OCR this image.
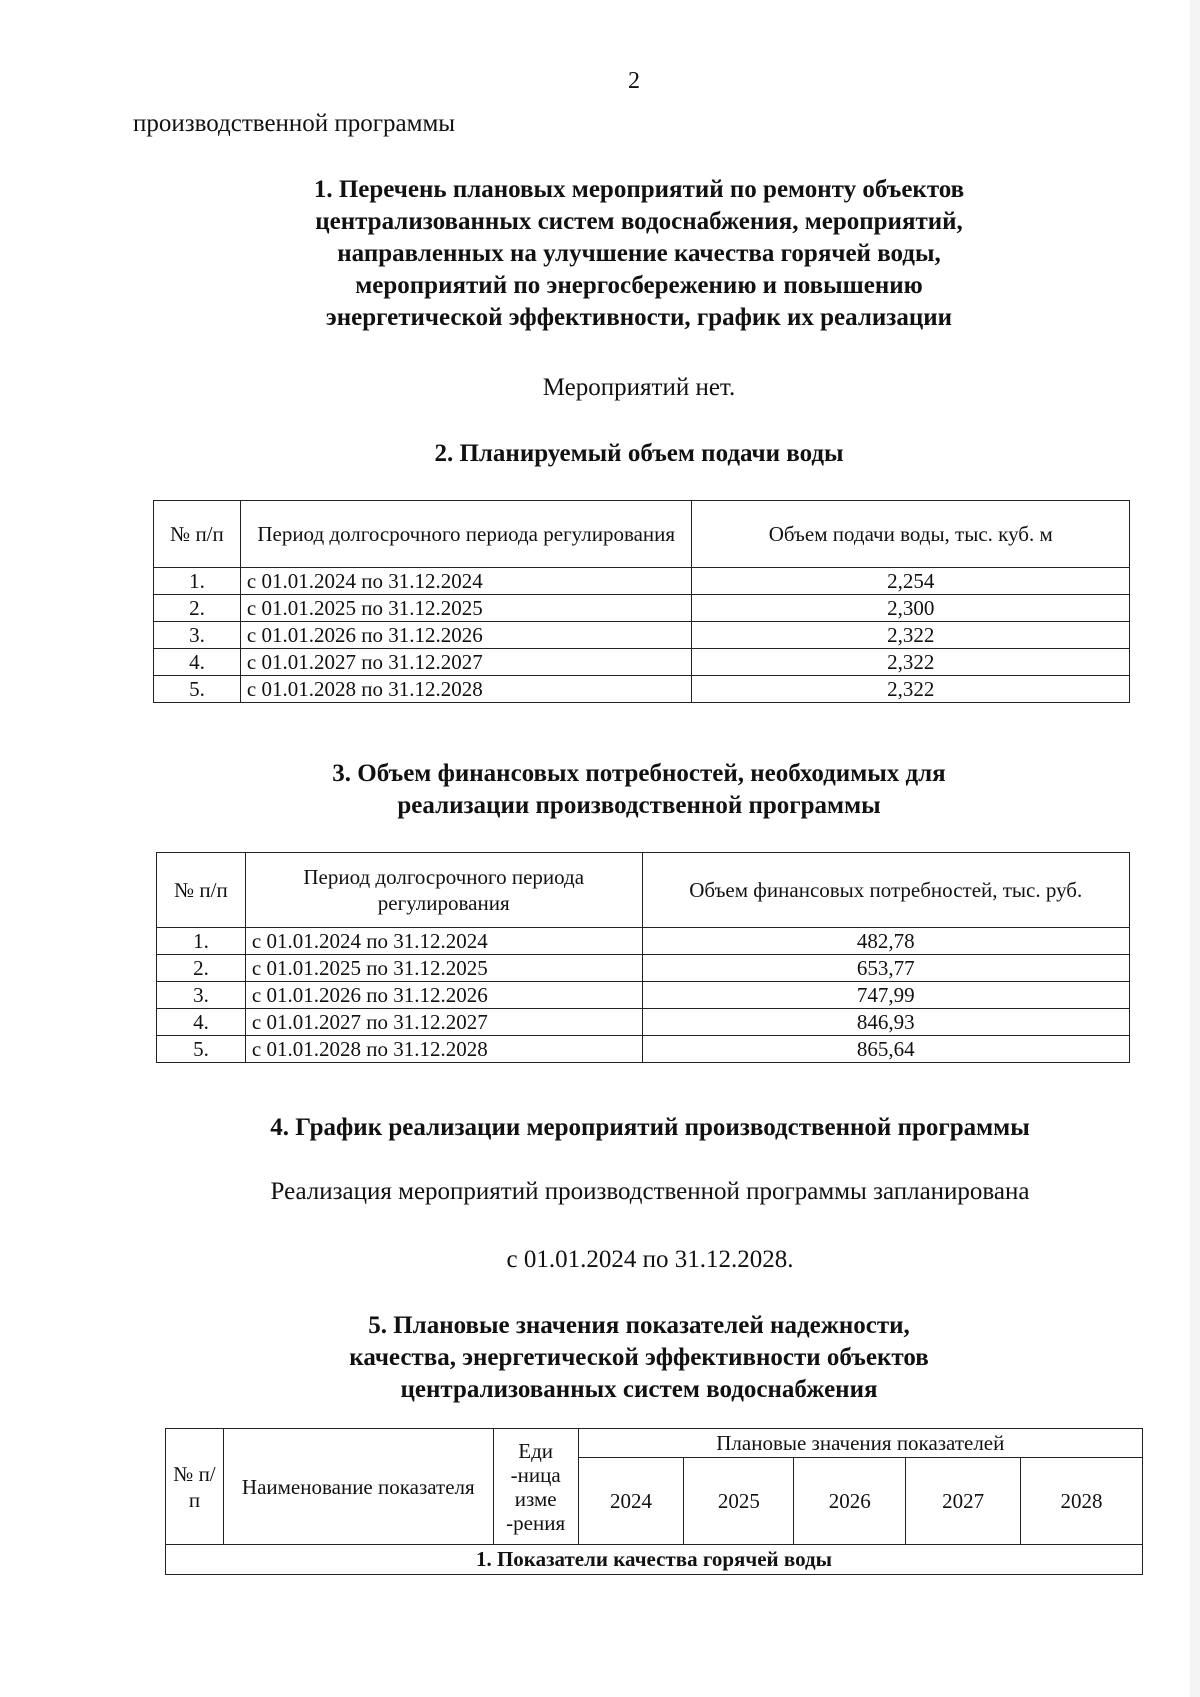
2
производственной программы
1. Перечень плановых мероприятий по ремонту объектов
централизованных систем водоснабжения, мероприятий,
направленных на улучшение качества горячей воды,
мероприятий по энергосбережению и повышению
энергетической эффективности, график их реализации
Мероприятий нет.
2. Планируемый объем подачи воды
№ п/п	Период долгосрочного периода регулирования	Объем подачи воды, тыс. куб. м
1.	с 01.01.2024 по 31.12.2024	2,254
2.	с 01.01.2025 по 31.12.2025	2,300
3.	с 01.01.2026 по 31.12.2026	2,322
4.	с 01.01.2027 по 31.12.2027	2,322
5.	с 01.01.2028 по 31.12.2028	2,322
3. Объем финансовых потребностей, необходимых для
реализации производственной программы
№ п/п	Период долгосрочного периода регулирования	Объем финансовых потребностей, тыс. руб.
1.	с 01.01.2024 по 31.12.2024	482,78
2.	с 01.01.2025 по 31.12.2025	653,77
3.	с 01.01.2026 по 31.12.2026	747,99
4.	с 01.01.2027 по 31.12.2027	846,93
5.	с 01.01.2028 по 31.12.2028	865,64
4. График реализации мероприятий производственной программы
Реализация мероприятий производственной программы запланирована
с 01.01.2024 по 31.12.2028.
5. Плановые значения показателей надежности,
качества, энергетической эффективности объектов
централизованных систем водоснабжения
№ п/п	Наименование показателя	Еди -ница изме -рения	Плановые значения показателей				
			2024	2025	2026	2027	2028
1. Показатели качества горячей воды							
